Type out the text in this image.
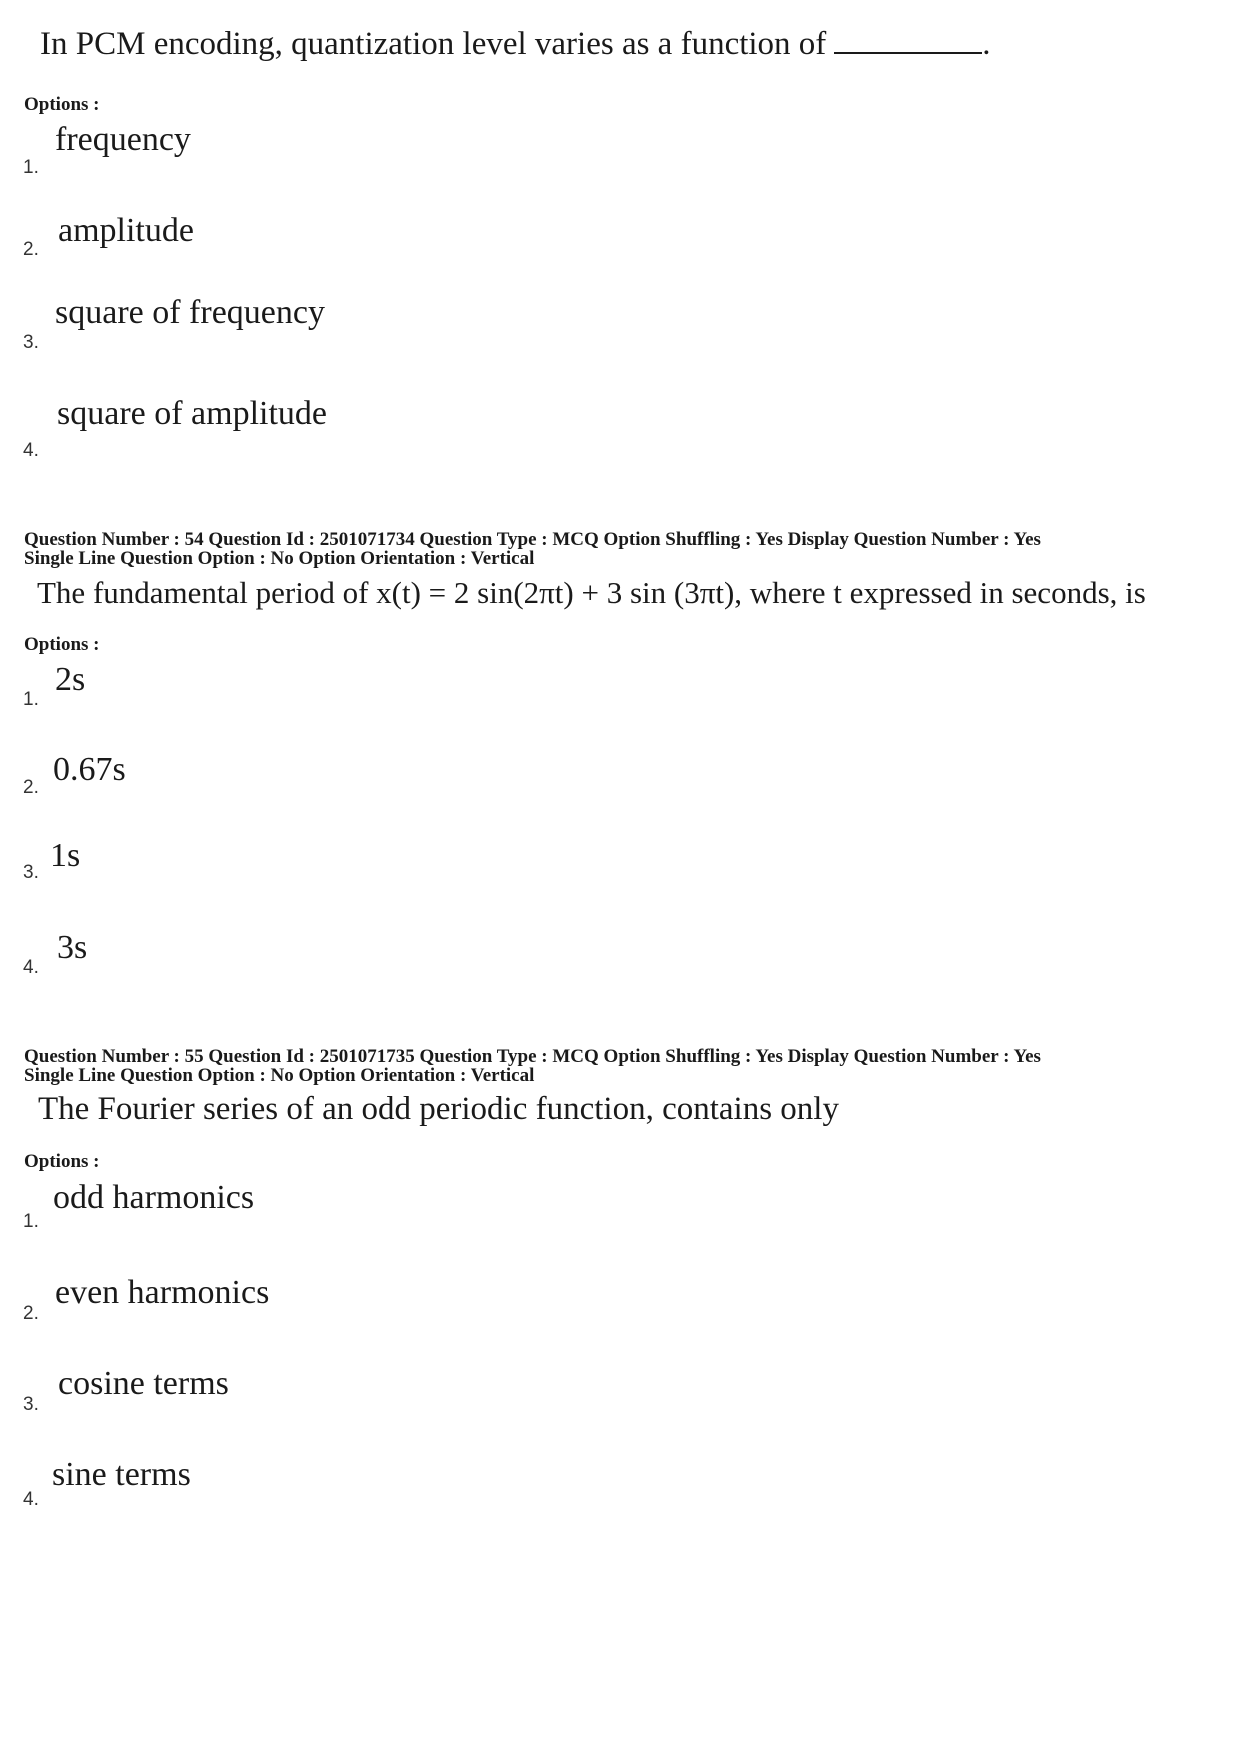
In PCM encoding, quantization level varies as a function of	.
Options :
1.
frequency
2.
amplitude
3.
square of frequency
4.
square of amplitude
Question Number : 54 Question Id : 2501071734 Question Type : MCQ Option Shuffling : Yes Display Question Number : Yes
Single Line Question Option : No Option Orientation : Vertical
The fundamental period of x(t) = 2 sin(2πt) + 3 sin (3πt), where t expressed in seconds, is
Options :
1.
2s
2. 0.67s
3. 1s
4.
3s
Question Number : 55 Question Id : 2501071735 Question Type : MCQ Option Shuffling : Yes Display Question Number : Yes
Single Line Question Option : No Option Orientation : Vertical
The Fourier series of an odd periodic function, contains only
Options :
1.
odd harmonics
2.
even harmonics
3.
cosine terms
4.
sine terms
